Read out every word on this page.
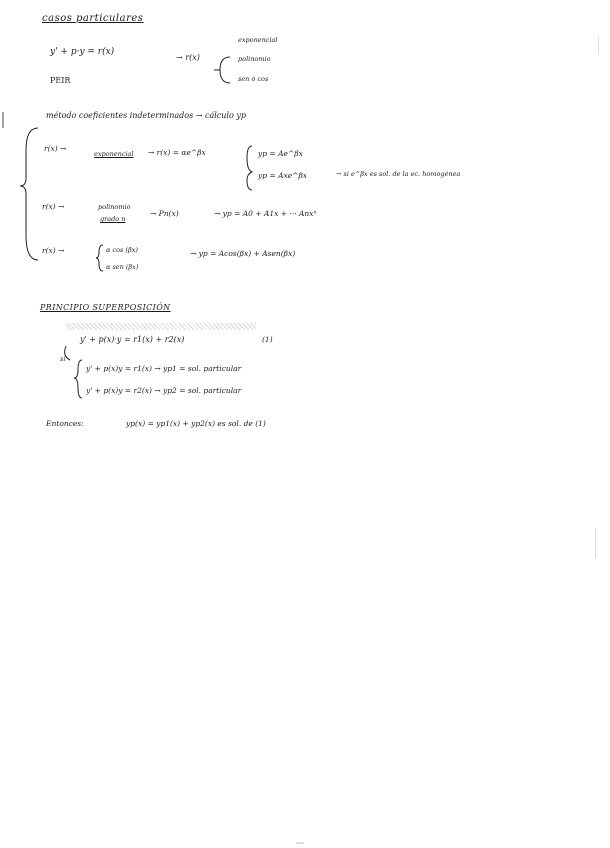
casos particulares
y' + p·y = r(x)
→ r(x)
exponencial
polinomio
sen ó cos
PEIR
método coeficientes indeterminados → cálculo yp
r(x) →
exponencial → r(x) = αe^βx	yp = Ae^βx
yp = Axe^βx	→ si e^βx es sol. de la ec. homogénea
r(x) →	polinomio
grado n
→ Pn(x)	→ yp = A0 + A1x + ··· Anxⁿ
r(x) →	α cos (βx)
α sen (βx)
→ yp = Acos(βx) + Asen(βx)
PRINCIPIO SUPERPOSICIÓN
y' + p(x)·y = r1(x) + r2(x)	(1)
si
y' + p(x)y = r1(x) → yp1 = sol. particular
y' + p(x)y = r2(x) → yp2 = sol. particular
Entonces:	yp(x) = yp1(x) + yp2(x) es sol. de (1)
